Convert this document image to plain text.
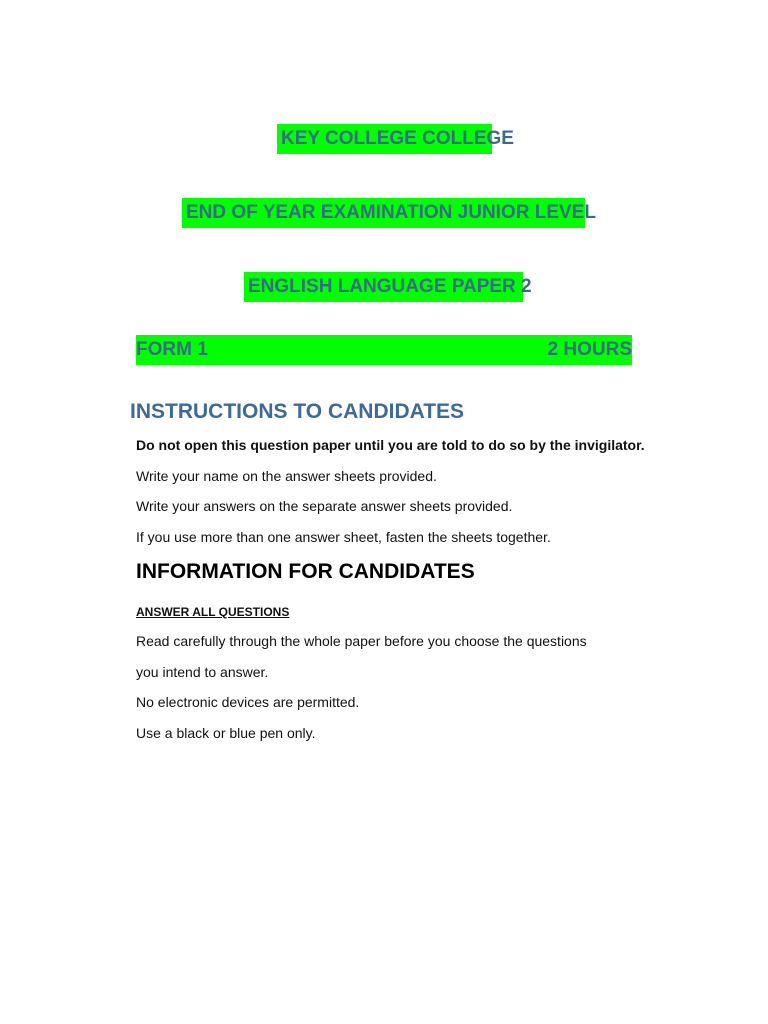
KEY COLLEGE COLLEGE
END OF YEAR EXAMINATION JUNIOR LEVEL
ENGLISH LANGUAGE PAPER 2
FORM 1	2 HOURS
INSTRUCTIONS TO CANDIDATES

Do not open this question paper until you are told to do so by the invigilator.

Write your name on the answer sheets provided.

Write your answers on the separate answer sheets provided.

If you use more than one answer sheet, fasten the sheets together.

INFORMATION FOR CANDIDATES

ANSWER ALL QUESTIONS

Read carefully through the whole paper before you choose the questions

you intend to answer.

No electronic devices are permitted.

Use a black or blue pen only.
